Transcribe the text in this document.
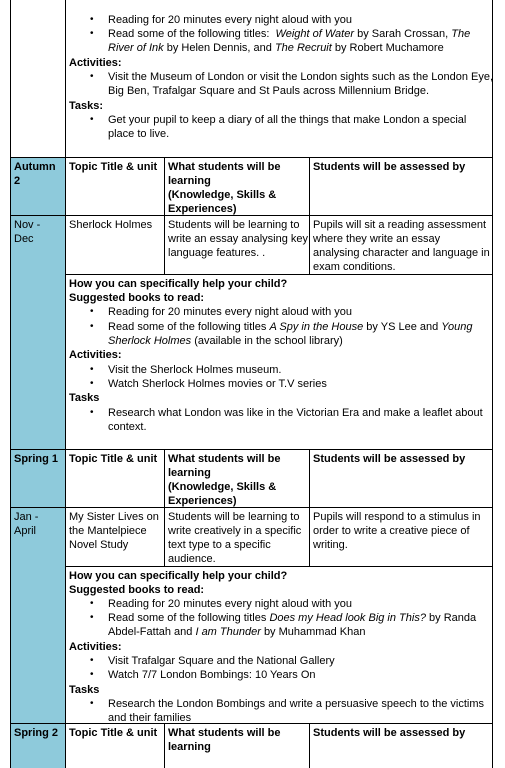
• Reading for 20 minutes every night aloud with you
• Read some of the following titles: Weight of Water by Sarah Crossan, The
River of Ink by Helen Dennis, and The Recruit by Robert Muchamore
Activities:
• Visit the Museum of London or visit the London sights such as the London Eye,
Big Ben, Trafalgar Square and St Pauls across Millennium Bridge.
Tasks:
• Get your pupil to keep a diary of all the things that make London a special
place to live.
Autumn
2
Topic Title & unit What students will be
learning
(Knowledge, Skills &
Experiences)
Students will be assessed by
Nov -
Dec
Sherlock Holmes Students will be learning to
write an essay analysing key
language features. .
Pupils will sit a reading assessment
where they write an essay
analysing character and language in
exam conditions.
How you can specifically help your child?
Suggested books to read:
• Reading for 20 minutes every night aloud with you
• Read some of the following titles A Spy in the House by YS Lee and Young
Sherlock Holmes (available in the school library)
Activities:
• Visit the Sherlock Holmes museum.
• Watch Sherlock Holmes movies or T.V series
Tasks
• Research what London was like in the Victorian Era and make a leaflet about
context.
Spring 1 Topic Title & unit What students will be
learning
(Knowledge, Skills &
Experiences)
Students will be assessed by
Jan -
April
My Sister Lives on
the Mantelpiece
Novel Study
Students will be learning to
write creatively in a specific
text type to a specific
audience.
Pupils will respond to a stimulus in
order to write a creative piece of
writing.
How you can specifically help your child?
Suggested books to read:
• Reading for 20 minutes every night aloud with you
• Read some of the following titles Does my Head look Big in This? by Randa
Abdel-Fattah and I am Thunder by Muhammad Khan
Activities:
• Visit Trafalgar Square and the National Gallery
• Watch 7/7 London Bombings: 10 Years On
Tasks
• Research the London Bombings and write a persuasive speech to the victims
and their families
Spring 2 Topic Title & unit What students will be
learning
Students will be assessed by
